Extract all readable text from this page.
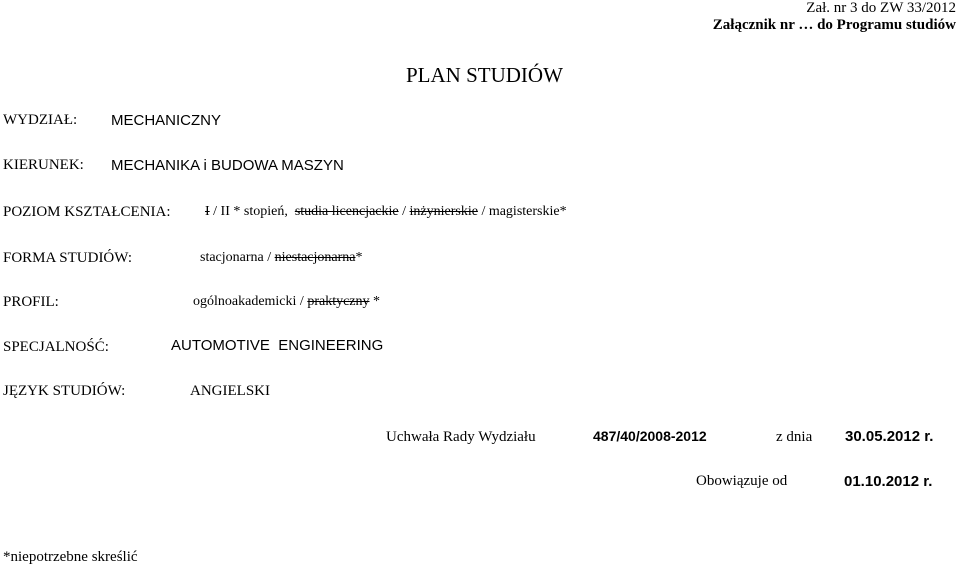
Zał. nr 3 do ZW 33/2012
Załącznik nr … do Programu studiów
PLAN STUDIÓW
WYDZIAŁ: MECHANICZNY
KIERUNEK: MECHANIKA i BUDOWA MASZYN
POZIOM KSZTAŁCENIA: I / II * stopień,  studia licencjackie / inżynierskie / magisterskie*
FORMA STUDIÓW:	stacjonarna / niestacjonarna*
PROFIL:	ogólnoakademicki / praktyczny *
SPECJALNOŚĆ:	AUTOMOTIVE  ENGINEERING
JĘZYK STUDIÓW:	ANGIELSKI
Uchwała Rady Wydziału	487/40/2008-2012	z dnia 30.05.2012 r.
Obowiązuje od	01.10.2012 r.
*niepotrzebne skreślić
